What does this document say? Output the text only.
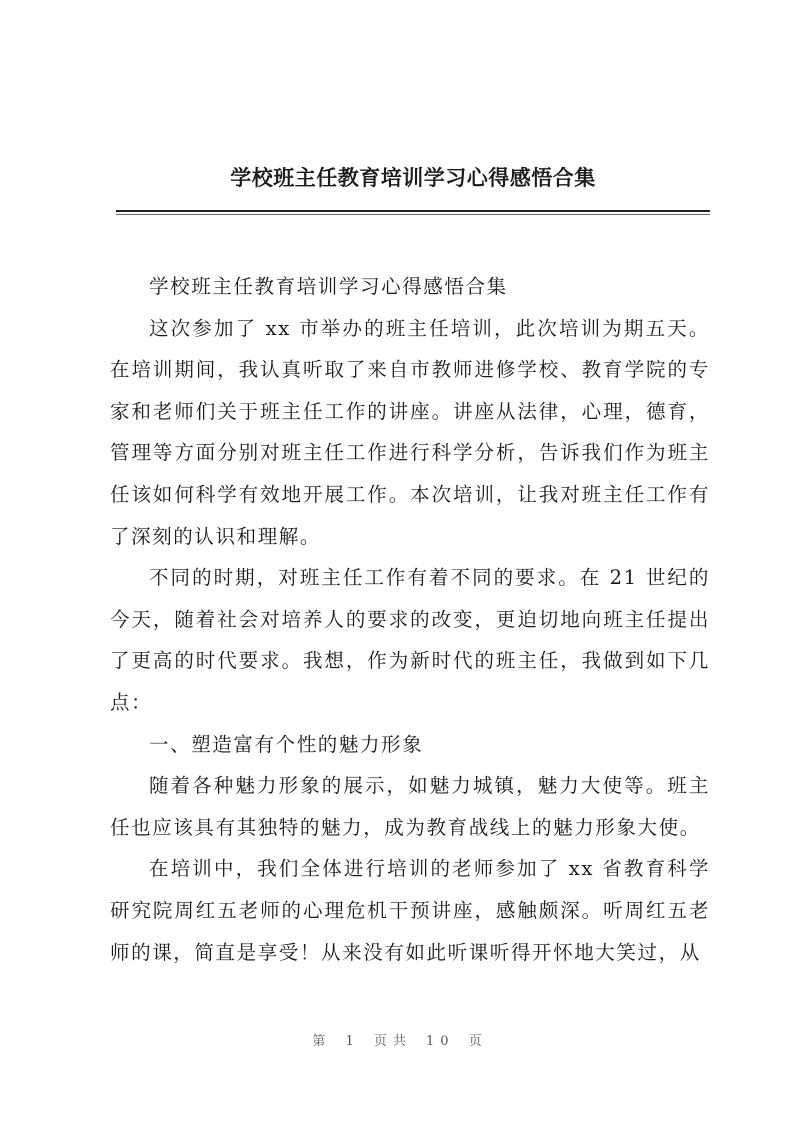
学校班主任教育培训学习心得感悟合集

学校班主任教育培训学习心得感悟合集

这次参加了 xx 市举办的班主任培训，此次培训为期五天。在培训期间，我认真听取了来自市教师进修学校、教育学院的专家和老师们关于班主任工作的讲座。讲座从法律，心理，德育，管理等方面分别对班主任工作进行科学分析，告诉我们作为班主任该如何科学有效地开展工作。本次培训，让我对班主任工作有了深刻的认识和理解。

不同的时期，对班主任工作有着不同的要求。在 21 世纪的今天，随着社会对培养人的要求的改变，更迫切地向班主任提出了更高的时代要求。我想，作为新时代的班主任，我做到如下几点：

一、塑造富有个性的魅力形象

随着各种魅力形象的展示，如魅力城镇，魅力大使等。班主任也应该具有其独特的魅力，成为教育战线上的魅力形象大使。

在培训中，我们全体进行培训的老师参加了 xx 省教育科学研究院周红五老师的心理危机干预讲座，感触颇深。听周红五老师的课，简直是享受！从来没有如此听课听得开怀地大笑过，从

第 1 页共 10 页
